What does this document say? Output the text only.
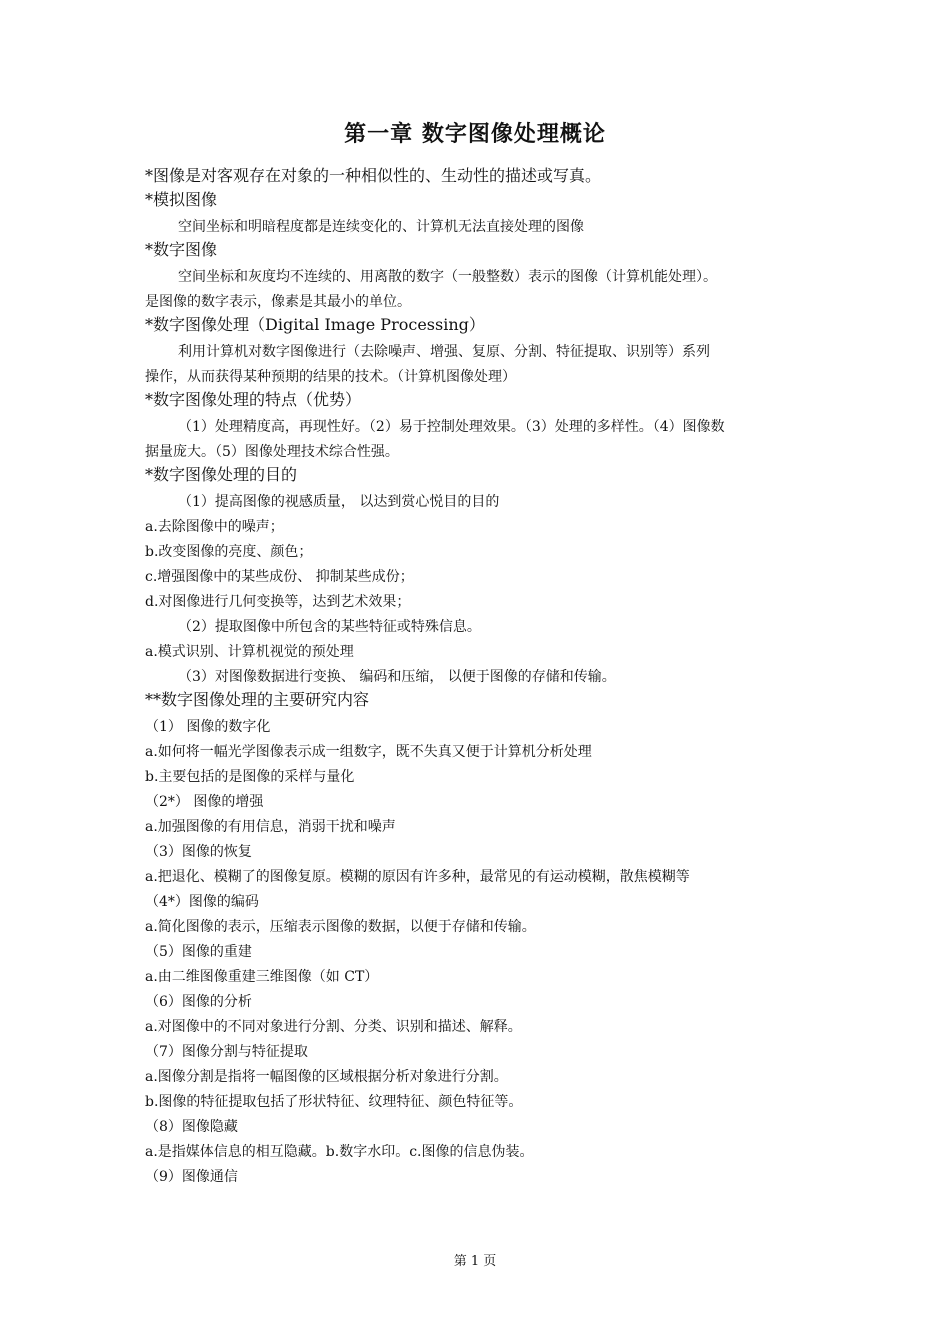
第一章 数字图像处理概论
*图像是对客观存在对象的一种相似性的、生动性的描述或写真。
*模拟图像
空间坐标和明暗程度都是连续变化的、计算机无法直接处理的图像
*数字图像
空间坐标和灰度均不连续的、用离散的数字（一般整数）表示的图像（计算机能处理）。
是图像的数字表示，像素是其最小的单位。
*数字图像处理（Digital Image Processing）
利用计算机对数字图像进行（去除噪声、增强、复原、分割、特征提取、识别等）系列
操作，从而获得某种预期的结果的技术。（计算机图像处理）
*数字图像处理的特点（优势）
（1）处理精度高，再现性好。（2）易于控制处理效果。（3）处理的多样性。（4）图像数
据量庞大。（5）图像处理技术综合性强。
*数字图像处理的目的
（1）提高图像的视感质量， 以达到赏心悦目的目的
a.去除图像中的噪声；
b.改变图像的亮度、颜色；
c.增强图像中的某些成份、 抑制某些成份；
d.对图像进行几何变换等，达到艺术效果；
（2）提取图像中所包含的某些特征或特殊信息。
a.模式识别、计算机视觉的预处理
（3）对图像数据进行变换、 编码和压缩， 以便于图像的存储和传输。
**数字图像处理的主要研究内容
（1） 图像的数字化
a.如何将一幅光学图像表示成一组数字，既不失真又便于计算机分析处理
b.主要包括的是图像的采样与量化
（2*） 图像的增强
a.加强图像的有用信息，消弱干扰和噪声
（3）图像的恢复
a.把退化、模糊了的图像复原。模糊的原因有许多种，最常见的有运动模糊，散焦模糊等
（4*）图像的编码
a.简化图像的表示，压缩表示图像的数据，以便于存储和传输。
（5）图像的重建
a.由二维图像重建三维图像（如 CT）
（6）图像的分析
a.对图像中的不同对象进行分割、分类、识别和描述、解释。
（7）图像分割与特征提取
a.图像分割是指将一幅图像的区域根据分析对象进行分割。
b.图像的特征提取包括了形状特征、纹理特征、颜色特征等。
（8）图像隐藏
a.是指媒体信息的相互隐藏。b.数字水印。c.图像的信息伪装。
（9）图像通信
第 1 页
